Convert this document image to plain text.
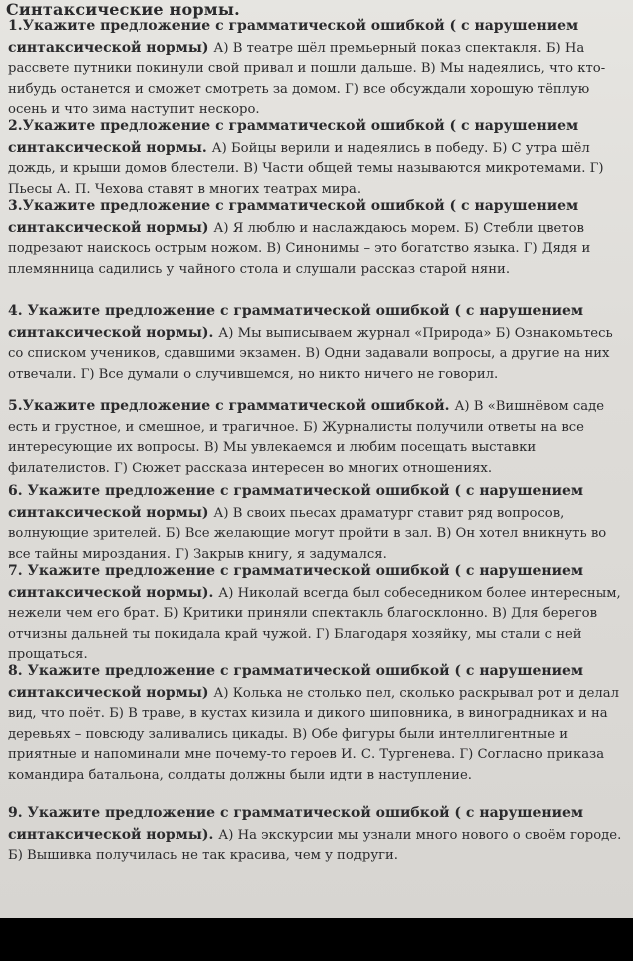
Синтаксические нормы.
1.Укажите предложение с грамматической ошибкой ( с нарушением синтаксической нормы) А) В театре шёл премьерный показ спектакля. Б) На рассвете путники покинули свой привал и пошли дальше. В) Мы надеялись, что кто-нибудь останется и сможет смотреть за домом. Г) все обсуждали хорошую тёплую осень и что зима наступит нескоро.
2.Укажите предложение с грамматической ошибкой ( с нарушением синтаксической нормы. А) Бойцы верили и надеялись в победу. Б) С утра шёл дождь, и крыши домов блестели. В) Части общей темы называются микротемами. Г) Пьесы А. П. Чехова ставят в многих театрах мира.
3.Укажите предложение с грамматической ошибкой ( с нарушением синтаксической нормы) А) Я люблю и наслаждаюсь морем. Б) Стебли цветов подрезают наискось острым ножом. В) Синонимы – это богатство языка. Г) Дядя и племянница садились у чайного стола и слушали рассказ старой няни.
4. Укажите предложение с грамматической ошибкой ( с нарушением синтаксической нормы). А) Мы выписываем журнал «Природа» Б) Ознакомьтесь со списком учеников, сдавшими экзамен. В) Одни задавали вопросы, а другие на них отвечали. Г) Все думали о случившемся, но никто ничего не говорил.
5.Укажите предложение с грамматической ошибкой. А) В «Вишнёвом саде есть и грустное, и смешное, и трагичное. Б) Журналисты получили ответы на все интересующие их вопросы. В) Мы увлекаемся и любим посещать выставки филателистов. Г) Сюжет рассказа интересен во многих отношениях.
6. Укажите предложение с грамматической ошибкой ( с нарушением синтаксической нормы) А) В своих пьесах драматург ставит ряд вопросов, волнующие зрителей. Б) Все желающие могут пройти в зал. В) Он хотел вникнуть во все тайны мироздания. Г) Закрыв книгу, я задумался.
7. Укажите предложение с грамматической ошибкой ( с нарушением синтаксической нормы). А) Николай всегда был собеседником более интересным, нежели чем его брат. Б) Критики приняли спектакль благосклонно. В) Для берегов отчизны дальней ты покидала край чужой. Г) Благодаря хозяйку, мы стали с ней прощаться.
8. Укажите предложение с грамматической ошибкой ( с нарушением синтаксической нормы) А) Колька не столько пел, сколько раскрывал рот и делал вид, что поёт. Б) В траве, в кустах кизила и дикого шиповника, в виноградниках и на деревьях – повсюду заливались цикады. В) Обе фигуры были интеллигентные и приятные и напоминали мне почему-то героев И. С. Тургенева. Г) Согласно приказа командира батальона, солдаты должны были идти в наступление.
9. Укажите предложение с грамматической ошибкой ( с нарушением синтаксической нормы). А) На экскурсии мы узнали много нового о своём городе. Б) Вышивка получилась не так красива, чем у подруги.
